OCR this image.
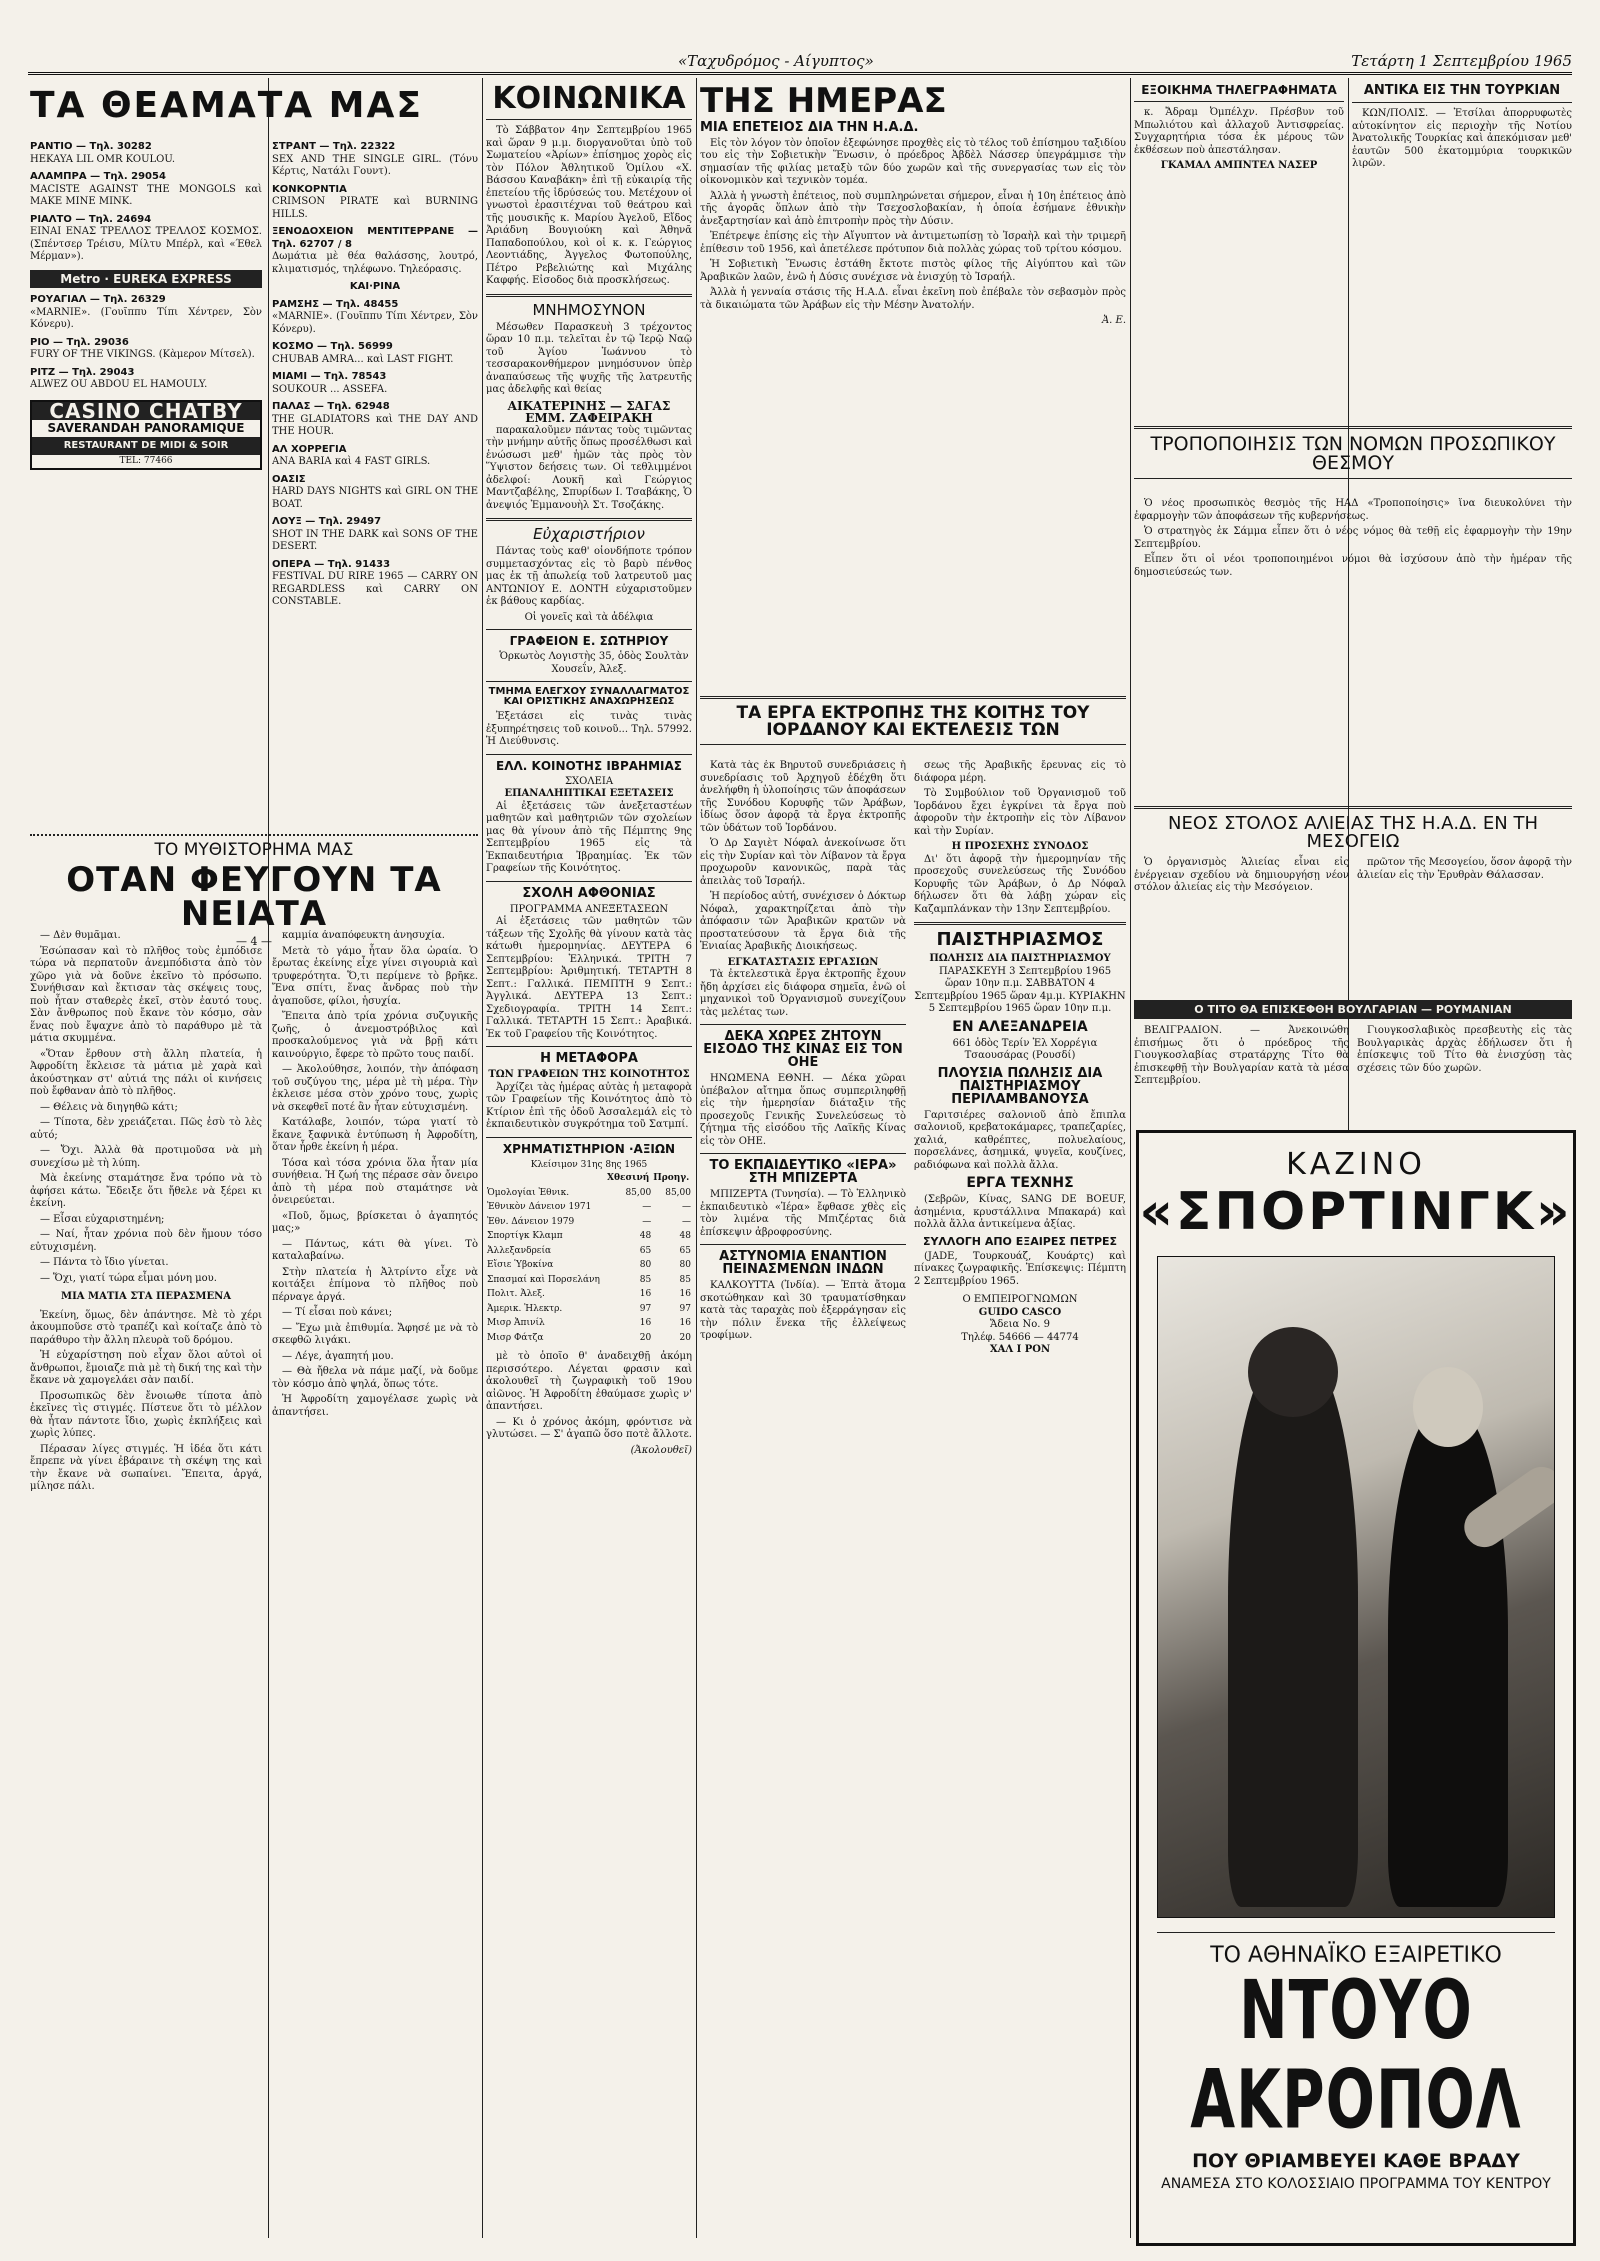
«Ταχυδρόμος - Αίγυπτος»	Τετάρτη 1 Σεπτεμβρίου 1965
ΤΑ ΘΕΑΜΑΤΑ ΜΑΣ
ΡΑΝΤΙΟ — Τηλ. 30282
HEKAYA LIL OMR KOULOU.
ΑΛΑΜΠΡΑ — Τηλ. 29054
MACISTE AGAINST THE MONGOLS καὶ MAKE MINE MINK.
ΡΙΑΛΤΟ — Τηλ. 24694
ΕΙΝΑΙ ΕΝΑΣ ΤΡΕΛΛΟΣ ΤΡΕΛΛΟΣ ΚΟΣΜΟΣ. (Σπέντσερ Τρέισυ, Μίλτυ Μπέρλ, καὶ «Έθελ Μέρμαν»).
Metro · EUREKA EXPRESS
ΡΟΥΑΓΙΑΛ — Τηλ. 26329
«MARNIE». (Γουῖππυ Τίπι Χέντρεν, Σὸν Κόνερυ).
ΡΙΟ — Τηλ. 29036
FURY OF THE VIKINGS. (Κὰμερον Μίτσελ).
ΡΙΤΖ — Τηλ. 29043
ALWEZ OU ABDOU EL HAMOULY.
CASINO CHATBY
SAVERANDAH PANORAMIQUE
RESTAURANT DE MIDI & SOIR
TEL: 77466
ΣΤΡΑΝΤ — Τηλ. 22322
SEX AND THE SINGLE GIRL. (Τόνυ Κέρτις, Νατάλι Γουντ).
ΚΟΝΚΟΡΝΤΙΑ
CRIMSON PIRATE καὶ BURNING HILLS.
ΞΕΝΟΔΟΧΕΙΟΝ ΜΕΝΤΙΤΕΡΡΑΝΕ — Τηλ. 62707 / 8
Δωμάτια μὲ θέα θαλάσσης, λουτρό, κλιματισμός, τηλέφωνο. Τηλεόρασις.
ΚΑΙ·ΡΙΝΑ
ΡΑΜΣΗΣ — Τηλ. 48455
«MARNIE». (Γουῖππυ Τίπι Χέντρεν, Σὸν Κόνερυ).
ΚΟΣΜΟ — Τηλ. 56999
CHUBAB AMRA... καὶ LAST FIGHT.
ΜΙΑΜΙ — Τηλ. 78543
SOUKOUR ... ASSEFA.
ΠΑΛΑΣ — Τηλ. 62948
THE GLADIATORS καὶ THE DAY AND THE HOUR.
ΑΛ ΧΟΡΡΕΓΙΑ
ANA BARIA καὶ 4 FAST GIRLS.
ΟΑΣΙΣ
HARD DAYS NIGHTS καὶ GIRL ON THE BOAT.
ΛΟΥΞ — Τηλ. 29497
SHOT IN THE DARK καὶ SONS OF THE DESERT.
ΟΠΕΡΑ — Τηλ. 91433
FESTIVAL DU RIRE 1965 — CARRY ON REGARDLESS καὶ CARRY ON CONSTABLE.
ΤΟ ΜΥΘΙΣΤΟΡΗΜΑ ΜΑΣ
ΟΤΑΝ ΦΕΥΓΟΥΝ ΤΑ ΝΕΙΑΤΑ
— 4 —

— Δὲν θυμᾶμαι.

Ἐσώπασαν καὶ τὸ πλῆθος τοὺς ἐμπόδισε τώρα νὰ περπατοῦν ἀνεμπόδιστα ἀπὸ τὸν χῶρο γιὰ νὰ δοῦνε ἐκεῖνο τὸ πρόσωπο. Συνήθισαν καὶ ἔκτισαν τὰς σκέψεις τους, ποὺ ἦταν σταθερὲς ἐκεῖ, στὸν ἐαυτό τους. Σὰν ἄνθρωπος ποὺ ἔκανε τὸν κόσμο, σὰν ἕνας ποὺ ἔψαχνε ἀπὸ τὸ παράθυρο μὲ τὰ μάτια σκυμμένα.

«Ὅταν ἔρθουν στὴ ἄλλη πλατεία, ἡ Ἀφροδίτη ἔκλεισε τὰ μάτια μὲ χαρὰ καὶ ἀκούστηκαν στ' αὐτιά της πάλι οἱ κινήσεις ποὺ ἔφθαναν ἀπὸ τὸ πλῆθος.

— Θέλεις νὰ διηγηθῶ κάτι;

— Τίποτα, δὲν χρειάζεται. Πῶς ἐσὺ τὸ λὲς αὐτό;

— Ὄχι. Ἀλλὰ θὰ προτιμοῦσα νὰ μὴ συνεχίσω μὲ τὴ λύπη.

Μὰ ἐκείνης σταμάτησε ἔνα τρόπο νὰ τὸ ἀφήσει κάτω. Ἔδειξε ὅτι ἤθελε νὰ ξέρει κι ἐκείνη.

— Εἶσαι εὐχαριστημένη;

— Ναί, ἦταν χρόνια ποὺ δὲν ἤμουν τόσο εὐτυχισμένη.

— Πάντα τὸ ἴδιο γίνεται.

— Ὅχι, γιατί τώρα εἶμαι μόνη μου.

ΜΙΑ ΜΑΤΙΑ ΣΤΑ ΠΕΡΑΣΜΕΝΑ

Ἐκείνη, ὅμως, δὲν ἀπάντησε. Μὲ τὸ χέρι ἀκουμποῦσε στὸ τραπέζι καὶ κοίταζε ἀπὸ τὸ παράθυρο τὴν ἄλλη πλευρὰ τοῦ δρόμου.

Ἡ εὐχαρίστηση ποὺ εἶχαν ὅλοι αὐτοὶ οἱ ἄνθρωποι, ἔμοιαζε πιὰ μὲ τὴ δική της καὶ τὴν ἔκανε νὰ χαμογελάει σὰν παιδί.

Προσωπικῶς δὲν ἔνοιωθε τίποτα ἀπὸ ἐκεῖνες τὶς στιγμές. Πίστευε ὅτι τὸ μέλλον θὰ ἦταν πάντοτε ἴδιο, χωρὶς ἐκπλήξεις καὶ χωρὶς λύπες.

Πέρασαν λίγες στιγμές. Ἡ ἰδέα ὅτι κάτι ἔπρεπε νὰ γίνει ἐβάραινε τὴ σκέψη της καὶ τὴν ἔκανε νὰ σωπαίνει. Ἔπειτα, ἀργά, μίλησε πάλι.

καμμία ἀναπόφευκτη ἀνησυχία.

Μετὰ τὸ γάμο ἦταν ὅλα ὡραία. Ὁ ἔρωτας ἐκείνης εἶχε γίνει σιγουριὰ καὶ τρυφερότητα. Ὅ,τι περίμενε τὸ βρῆκε. Ἔνα σπίτι, ἕνας ἄνδρας ποὺ τὴν ἀγαποῦσε, φίλοι, ἡσυχία.

Ἔπειτα ἀπὸ τρία χρόνια συζυγικῆς ζωῆς, ὁ ἀνεμοστρόβιλος καὶ προσκαλούμενος γιὰ νὰ βρῇ κάτι καινούργιο, ἔφερε τὸ πρῶτο τους παιδί.

— Ἀκολούθησε, λοιπόν, τὴν ἀπόφαση τοῦ συζύγου της, μέρα μὲ τὴ μέρα. Τὴν ἐκλεισε μέσα στὸν χρόνο τους, χωρὶς νὰ σκεφθεῖ ποτέ ἂν ἦταν εὐτυχισμένη.

Κατάλαβε, λοιπόν, τώρα γιατί τὸ ἔκανε ξαφνικὰ ἐντύπωση ἡ Ἀφροδίτη, ὅταν ἦρθε ἐκείνη ἡ μέρα.

Τόσα καὶ τόσα χρόνια ὅλα ἦταν μία συνήθεια. Ἡ ζωή της πέρασε σὰν ὄνειρο ἀπὸ τὴ μέρα ποὺ σταμάτησε νὰ ὀνειρεύεται.

«Ποῦ, ὅμως, βρίσκεται ὁ ἀγαπητός μας;»

— Πάντως, κάτι θὰ γίνει. Τὸ καταλαβαίνω.

Στὴν πλατεία ἡ Ἀλτρίντο εἶχε νὰ κοιτάξει ἐπίμονα τὸ πλῆθος ποὺ πέρναγε ἀργά.

— Τί εἶσαι ποὺ κάνει;

— Ἔχω μιὰ ἐπιθυμία. Ἄφησέ με νὰ τὸ σκεφθῶ λιγάκι.

— Λέγε, ἀγαπητή μου.

— Θὰ ἤθελα νὰ πάμε μαζί, νὰ δοῦμε τὸν κόσμο ἀπὸ ψηλά, ὅπως τότε.

Ἡ Ἀφροδίτη χαμογέλασε χωρὶς νὰ ἀπαντήσει.

ΚΟΙΝΩΝΙΚΑ

Τὸ Σάββατον 4ην Σεπτεμβρίου 1965 καὶ ὥραν 9 μ.μ. διοργανοῦται ὑπὸ τοῦ Σωματείου «Ἀρίων» ἐπίσημος χορὸς εἰς τὸν Πόλον Ἀθλητικοῦ Ὁμίλου «Χ. Βάσσου Καναβάκη» ἐπὶ τῇ εὐκαιρίᾳ τῆς ἐπετείου τῆς ἱδρύσεώς του. Μετέχουν οἱ γνωστοὶ ἐρασιτέχναι τοῦ θεάτρου καὶ τῆς μουσικῆς κ. Μαρίου Ἀγελοῦ, Εἴδος Ἀριάδνη Βουγιούκη καὶ Ἀθηνᾶ Παπαδοπούλου, κοὶ οἱ κ. κ. Γεώργιος Λεοντιάδης, Ἀγγελος Φωτοπούλης, Πέτρο Ρεβελιώτης καὶ Μιχάλης Καφφής. Εἰσοδος διὰ προσκλήσεως.

ΜΝΗΜΟΣΥΝΟΝ

Μέσωθεν Παρασκευὴ 3 τρέχοντος ὥραν 10 π.μ. τελεῖται ἐν τῷ Ἱερῷ Ναῷ τοῦ Ἁγίου Ἰωάννου τὸ τεσσαρακονθήμερον μνημόσυνον ὑπὲρ ἀναπαύσεως τῆς ψυχῆς τῆς λατρευτῆς μας ἀδελφῆς καὶ θείας

ΑΙΚΑΤΕΡΙΝΗΣ — ΣΑΓΑΣ
ΕΜΜ. ΖΑΦΕΙΡΑΚΗ

παρακαλοῦμεν πάντας τοὺς τιμῶντας τὴν μνήμην αὐτῆς ὅπως προσέλθωσι καὶ ἑνώσωσι μεθ' ἡμῶν τὰς πρὸς τὸν Ὕψιστον δεήσεις των. Οἱ τεθλιμμένοι ἀδελφοί: Λουκῆ καὶ Γεώργιος Μαντζαβέλης, Σπυρίδων Ι. Τσαβάκης, Ὁ ἀνεψιός Ἐμμανουὴλ Στ. Τσοζάκης.

Εὐχαριστήριον

Πάντας τοὺς καθ' οἱονδήποτε τρόπον συμμετασχόντας εἰς τὸ βαρὺ πένθος μας ἐκ τῇ ἀπωλείᾳ τοῦ λατρευτοῦ μας ΑΝΤΩΝΙΟΥ Ε. ΔΟΝΤΗ εὐχαριστοῦμεν ἐκ βάθους καρδίας.

Οἱ γονεῖς καὶ τὰ ἀδέλφια
ΓΡΑΦΕΙΟΝ Ε. ΣΩΤΗΡΙΟΥ

Ὁρκωτὸς Λογιστὴς 35, ὁδὸς Σουλτὰν Χουσεΐν, Ἀλεξ.

ΤΜΗΜΑ ΕΛΕΓΧΟΥ ΣΥΝΑΛΛΑΓΜΑΤΟΣ ΚΑΙ ΟΡΙΣΤΙΚΗΣ ΑΝΑΧΩΡΗΣΕΩΣ

Ἐξετάσει εἰς τινὰς τινὰς ἐξυπηρέτησεις τοῦ κοινοῦ... Τηλ. 57992. Ἡ Διεύθυνσις.

ΕΛΛ. ΚΟΙΝΟΤΗΣ ΙΒΡΑΗΜΙΑΣ
ΣΧΟΛΕΙΑ
ΕΠΑΝΑΛΗΠΤΙΚΑΙ ΕΞΕΤΑΣΕΙΣ

Αἱ ἐξετάσεις τῶν ἀνεξεταστέων μαθητῶν καὶ μαθητριῶν τῶν σχολείων μας θὰ γίνουν ἀπὸ τῆς Πέμπτης 9ης Σεπτεμβρίου 1965 εἰς τὰ Ἐκπαιδευτήρια Ἰβραημίας. Ἐκ τῶν Γραφείων τῆς Κοινότητος.

ΣΧΟΛΗ ΑΦΘΟΝΙΑΣ
ΠΡΟΓΡΑΜΜΑ ΑΝΕΞΕΤΑΣΕΩΝ

Αἱ ἐξετάσεις τῶν μαθητῶν τῶν τάξεων τῆς Σχολῆς θὰ γίνουν κατὰ τὰς κάτωθι ἡμερομηνίας. ΔΕΥΤΕΡΑ 6 Σεπτεμβρίου: Ἑλληνικά. ΤΡΙΤΗ 7 Σεπτεμβρίου: Ἀριθμητική. ΤΕΤΑΡΤΗ 8 Σεπτ.: Γαλλικά. ΠΕΜΠΤΗ 9 Σεπτ.: Ἀγγλικά. ΔΕΥΤΕΡΑ 13 Σεπτ.: Σχεδιογραφία. ΤΡΙΤΗ 14 Σεπτ.: Γαλλικά. ΤΕΤΑΡΤΗ 15 Σεπτ.: Ἀραβικά. Ἐκ τοῦ Γραφείου τῆς Κοινότητος.

Η ΜΕΤΑΦΟΡΑ
ΤΩΝ ΓΡΑΦΕΙΩΝ ΤΗΣ ΚΟΙΝΟΤΗΤΟΣ

Ἀρχίζει τὰς ἡμέρας αὐτὰς ἡ μεταφορὰ τῶν Γραφείων τῆς Κοινότητος ἀπὸ τὸ Κτίριον ἐπὶ τῆς ὁδοῦ Ἀσσαλεμάλ εἰς τὸ ἐκπαιδευτικὸν συγκρότημα τοῦ Σατμπί.

ΧΡΗΜΑΤΙΣΤΗΡΙΟΝ ·ΑΞΙΩΝ
Κλείσιμον 31ης 8ης 1965
	Χθεσινή	Προηγ.
Ὁμολογίαι Ἐθνικ.	85,00	85,00
Ἐθνικὸν Δάνειον 1971	—	—
Ἐθν. Δάνειον 1979	—	—
Σπορτίγκ Κλαμπ	48	48
Ἀλλεξανδρεία	65	65
Εἴσιε Ὑβοκίνα	80	80
Σπασμαί καὶ Πορσελάνη	85	85
Πολιτ. Ἀλεξ.	16	16
Ἀμερικ. Ἠλεκτρ.	97	97
Μισρ Ἀπινίλ	16	16
Μισρ Φάτζα	20	20

μὲ τὸ ὁποῖο θ' ἀναδειχθῇ ἀκόμη περισσότερο. Λέγεται φρασιν καὶ ἀκολουθεῖ τὴ ζωγραφικὴ τοῦ 19ου αἰῶνος. Ἡ Ἀφροδίτη ἐθαύμασε χωρὶς ν' ἀπαντήσει.

— Κι ὁ χρόνος ἀκόμη, φρόντισε νὰ γλυτώσει. — Σ' ἀγαπῶ ὅσο ποτὲ ἄλλοτε.

(Ἀκολουθεῖ)
ΤΗΣ ΗΜΕΡΑΣ
ΜΙΑ ΕΠΕΤΕΙΟΣ ΔΙΑ ΤΗΝ Η.Α.Δ.

Εἰς τὸν λόγον τὸν ὁποῖον ἐξεφώνησε προχθὲς εἰς τὸ τέλος τοῦ ἐπίσημου ταξιδίου του εἰς τὴν Σοβιετικὴν Ἕνωσιν, ὁ πρόεδρος Ἀβδὲλ Νάσσερ ὑπεγράμμισε τὴν σημασίαν τῆς φιλίας μεταξὺ τῶν δύο χωρῶν καὶ τῆς συνεργασίας των εἰς τὸν οἰκονομικὸν καὶ τεχνικὸν τομέα.

Ἀλλὰ ἡ γνωστὴ ἐπέτειος, ποὺ συμπληρώνεται σήμερον, εἶναι ἡ 10η ἐπέτειος ἀπὸ τῆς ἀγορᾶς ὅπλων ἀπὸ τὴν Τσεχοσλοβακίαν, ἡ ὁποία ἐσήμανε ἐθνικὴν ἀνεξαρτησίαν καὶ ἀπὸ ἐπιτροπὴν πρὸς τὴν Δύσιν.

Ἐπέτρεψε ἐπίσης εἰς τὴν Αἴγυπτον νὰ ἀντιμετωπίσῃ τὸ Ἰσραὴλ καὶ τὴν τριμερῆ ἐπίθεσιν τοῦ 1956, καὶ ἀπετέλεσε πρότυπον διὰ πολλὰς χώρας τοῦ τρίτου κόσμου.

Ἡ Σοβιετικὴ Ἕνωσις ἐστάθη ἔκτοτε πιστὸς φίλος τῆς Αἰγύπτου καὶ τῶν Ἀραβικῶν λαῶν, ἐνῶ ἡ Δύσις συνέχισε νὰ ἐνισχύῃ τὸ Ἰσραήλ.

Ἀλλὰ ἡ γενναία στάσις τῆς Η.Α.Δ. εἶναι ἐκεῖνη ποὺ ἐπέβαλε τὸν σεβασμὸν πρὸς τὰ δικαιώματα τῶν Ἀράβων εἰς τὴν Μέσην Ἀνατολήν.

Ἀ. Ε.
ΤΑ ΕΡΓΑ ΕΚΤΡΟΠΗΣ ΤΗΣ ΚΟΙΤΗΣ ΤΟΥ ΙΟΡΔΑΝΟΥ ΚΑΙ ΕΚΤΕΛΕΣΙΣ ΤΩΝ

Κατὰ τὰς ἐκ Βηρυτοῦ συνεδριάσεις ἡ συνεδρίασις τοῦ Ἀρχηγοῦ ἐδέχθη ὅτι ἀνελήφθη ἡ ὑλοποίησις τῶν ἀποφάσεων τῆς Συνόδου Κορυφῆς τῶν Ἀράβων, ἰδίως ὅσον ἀφορᾷ τὰ ἔργα ἐκτροπῆς τῶν ὑδάτων τοῦ Ἰορδάνου.

Ὁ Δρ Σαγιὲτ Νόφαλ ἀνεκοίνωσε ὅτι εἰς τὴν Συρίαν καὶ τὸν Λίβανον τὰ ἔργα προχωροῦν κανονικῶς, παρὰ τὰς ἀπειλὰς τοῦ Ἰσραήλ.

Ἡ περίοδος αὐτή, συνέχισεν ὁ Δόκτωρ Νόφαλ, χαρακτηρίζεται ἀπὸ τὴν ἀπόφασιν τῶν Ἀραβικῶν κρατῶν νὰ προστατεύσουν τὰ ἔργα διὰ τῆς Ἑνιαίας Ἀραβικῆς Διοικήσεως.

ΕΓΚΑΤΑΣΤΑΣΙΣ ΕΡΓΑΣΙΩΝ

Τὰ ἐκτελεστικὰ ἔργα ἐκτροπῆς ἔχουν ἤδη ἀρχίσει εἰς διάφορα σημεῖα, ἐνῶ οἱ μηχανικοὶ τοῦ Ὀργανισμοῦ συνεχίζουν τὰς μελέτας των.

ΔΕΚΑ ΧΩΡΕΣ ΖΗΤΟΥΝ ΕΙΣΟΔΟ ΤΗΣ ΚΙΝΑΣ ΕΙΣ ΤΟΝ ΟΗΕ

ΗΝΩΜΕΝΑ ΕΘΝΗ. — Δέκα χῶραι ὑπέβαλον αἴτημα ὅπως συμπεριληφθῇ εἰς τὴν ἡμερησίαν διάταξιν τῆς προσεχοῦς Γενικῆς Συνελεύσεως τὸ ζήτημα τῆς εἰσόδου τῆς Λαϊκῆς Κίνας εἰς τὸν ΟΗΕ.

ΤΟ ΕΚΠΑΙΔΕΥΤΙΚΟ «ΙΕΡΑ» ΣΤΗ ΜΠΙΖΕΡΤΑ

ΜΠΙΖΕΡΤΑ (Τυνησία). — Τὸ Ἑλληνικὸ ἐκπαιδευτικὸ «Ἱέρα» ἔφθασε χθὲς εἰς τὸν λιμένα τῆς Μπιζέρτας διὰ ἐπίσκεψιν ἀβροφροσύνης.

ΑΣΤΥΝΟΜΙΑ ΕΝΑΝΤΙΟΝ ΠΕΙΝΑΣΜΕΝΩΝ ΙΝΔΩΝ

ΚΑΛΚΟΥΤΤΑ (Ἰνδία). — Ἐπτὰ ἄτομα σκοτώθηκαν καὶ 30 τραυματίσθηκαν κατὰ τὰς ταραχὰς ποὺ ἐξερράγησαν εἰς τὴν πόλιν ἕνεκα τῆς ἐλλείψεως τροφίμων.

σεως τῆς Ἀραβικῆς ἔρευνας εἰς τὸ διάφορα μέρη.

Τὸ Συμβούλιον τοῦ Ὀργανισμοῦ τοῦ Ἰορδάνου ἔχει ἐγκρίνει τὰ ἔργα ποὺ ἀφοροῦν τὴν ἐκτροπὴν εἰς τὸν Λίβανον καὶ τὴν Συρίαν.

Η ΠΡΟΣΕΧΗΣ ΣΥΝΟΔΟΣ

Δι' ὅτι ἀφορᾷ τὴν ἡμερομηνίαν τῆς προσεχοῦς συνελεύσεως τῆς Συνόδου Κορυφῆς τῶν Ἀράβων, ὁ Δρ Νόφαλ δήλωσεν ὅτι θὰ λάβῃ χώραν εἰς Καζαμπλάνκαν τὴν 13ην Σεπτεμβρίου.

ΠΑΙΣΤΗΡΙΑΣΜΟΣ
ΠΩΛΗΣΙΣ ΔΙΑ ΠΑΙΣΤΗΡΙΑΣΜΟΥ

ΠΑΡΑΣΚΕΥΗ 3 Σεπτεμβρίου 1965 ὥραν 10ην π.μ. ΣΑΒΒΑΤΟΝ 4 Σεπτεμβρίου 1965 ὥραν 4μ.μ. ΚΥΡΙΑΚΗΝ 5 Σεπτεμβρίου 1965 ὥραν 10ην π.μ.

ΕΝ ΑΛΕΞΑΝΔΡΕΙΑ

661 ὁδὸς Τερίν Ἐλ Χορρέγια Τσαουσάρας (Ρουσδί)

ΠΛΟΥΣΙΑ ΠΩΛΗΣΙΣ ΔΙΑ ΠΑΙΣΤΗΡΙΑΣΜΟΥ ΠΕΡΙΛΑΜΒΑΝΟΥΣΑ

Γαριτσιέρες σαλονιοῦ ἀπὸ ἔπιπλα σαλονιοῦ, κρεβατοκάμαρες, τραπεζαρίες, χαλιά, καθρέπτες, πολυελαίους, πορσελάνες, ἀσημικά, ψυγεῖα, κουζίνες, ραδιόφωνα καὶ πολλὰ ἄλλα.

ΕΡΓΑ ΤΕΧΝΗΣ

(Σεβρῶν, Κίνας, SANG DE BOEUF, ἀσημένια, κρυστάλλινα Μπακαρά) καὶ πολλὰ ἄλλα ἀντικείμενα ἀξίας.

ΣΥΛΛΟΓΗ ΑΠΟ ΕΞΑΙΡΕΣ ΠΕΤΡΕΣ

(JADE, Τουρκουάζ, Κουάρτς) καὶ πίνακες ζωγραφικῆς. Ἐπίσκεψις: Πέμπτη 2 Σεπτεμβρίου 1965.

Ο ΕΜΠΕΙΡΟΓΝΩΜΩΝ
GUIDO CASCO
Ἄδεια Νο. 9
Τηλέφ. 54666 — 44774
ΧΑΛ Ι ΡΟΝ
ΕΞΟΙΚΗΜΑ ΤΗΛΕΓΡΑΦΗΜΑΤΑ

κ. Ἄδραμ Ὀμπέλχν. Πρέσβυν τοῦ Μπωλιότου καὶ ἀλλαχοῦ Ἀντισφρείας. Συγχαρητήρια τόσα ἐκ μέρους τῶν ἐκθέσεων ποὺ ἀπεστάλησαν.

ΓΚΑΜΑΛ ΑΜΠΝΤΕΛ ΝΑΣΕΡ
ΑΝΤΙΚΑ ΕΙΣ ΤΗΝ ΤΟΥΡΚΙΑΝ

ΚΩΝ/ΠΟΛΙΣ. — Ἐτσίλαι ἀπορρυφωτὲς αὐτοκίνητον εἰς περιοχὴν τῆς Νοτίου Ἀνατολικῆς Τουρκίας καὶ ἀπεκόμισαν μεθ' ἑαυτῶν 500 ἑκατομμύρια τουρκικῶν λιρῶν.

ΤΡΟΠΟΠΟΙΗΣΙΣ ΤΩΝ ΝΟΜΩΝ ΠΡΟΣΩΠΙΚΟΥ ΘΕΣΜΟΥ

Ὁ νέος προσωπικὸς θεσμὸς τῆς ΗΑΔ «Τροποποίησις» ἵνα διευκολύνει τὴν ἐφαρμογὴν τῶν ἀποφάσεων τῆς κυβερνήσεως.

Ὁ στρατηγὸς ἐκ Σάμμα εἶπεν ὅτι ὁ νέος νόμος θὰ τεθῇ εἰς ἐφαρμογὴν τὴν 19ην Σεπτεμβρίου.

Εἶπεν ὅτι οἱ νέοι τροποποιημένοι νόμοι θὰ ἰσχύσουν ἀπὸ τὴν ἡμέραν τῆς δημοσιεύσεώς των.

ΝΕΟΣ ΣΤΟΛΟΣ ΑΛΙΕΙΑΣ ΤΗΣ Η.Α.Δ. ΕΝ ΤΗ ΜΕΣΟΓΕΙΩ

Ὁ ὀργανισμὸς Ἁλιείας εἶναι εἰς ἐνέργειαν σχεδίου νὰ δημιουργήσῃ νέον στόλον ἁλιείας εἰς τὴν Μεσόγειον.

πρῶτον τῆς Μεσογείου, ὅσον ἀφορᾷ τὴν ἀλιείαν εἰς τὴν Ἐρυθρὰν Θάλασσαν.

Ο ΤΙΤΟ ΘΑ ΕΠΙΣΚΕΦΘΗ ΒΟΥΛΓΑΡΙΑΝ — ΡΟΥΜΑΝΙΑΝ

ΒΕΛΙΓΡΑΔΙΟΝ. — Ἀνεκοινώθη ἐπισήμως ὅτι ὁ πρόεδρος τῆς Γιουγκοσλαβίας στρατάρχης Τίτο θὰ ἐπισκεφθῇ τὴν Βουλγαρίαν κατὰ τὰ μέσα Σεπτεμβρίου.

Γιουγκοσλαβικὸς πρεσβευτὴς εἰς τὰς Βουλγαρικὰς ἀρχὰς ἐδήλωσεν ὅτι ἡ ἐπίσκεψις τοῦ Τίτο θὰ ἐνισχύσῃ τὰς σχέσεις τῶν δύο χωρῶν.

ΚΑΖΙΝΟ
«ΣΠΟΡΤΙΝΓΚ»
ΤΟ ΑΘΗΝΑΪΚΟ ΕΞΑΙΡΕΤΙΚΟ
ΝΤΟΥΟ ΑΚΡΟΠΟΛ
ΠΟΥ ΘΡΙΑΜΒΕΥΕΙ ΚΑΘΕ ΒΡΑΔΥ
ΑΝΑΜΕΣΑ ΣΤΟ ΚΟΛΟΣΣΙΑΙΟ ΠΡΟΓΡΑΜΜΑ ΤΟΥ ΚΕΝΤΡΟΥ
